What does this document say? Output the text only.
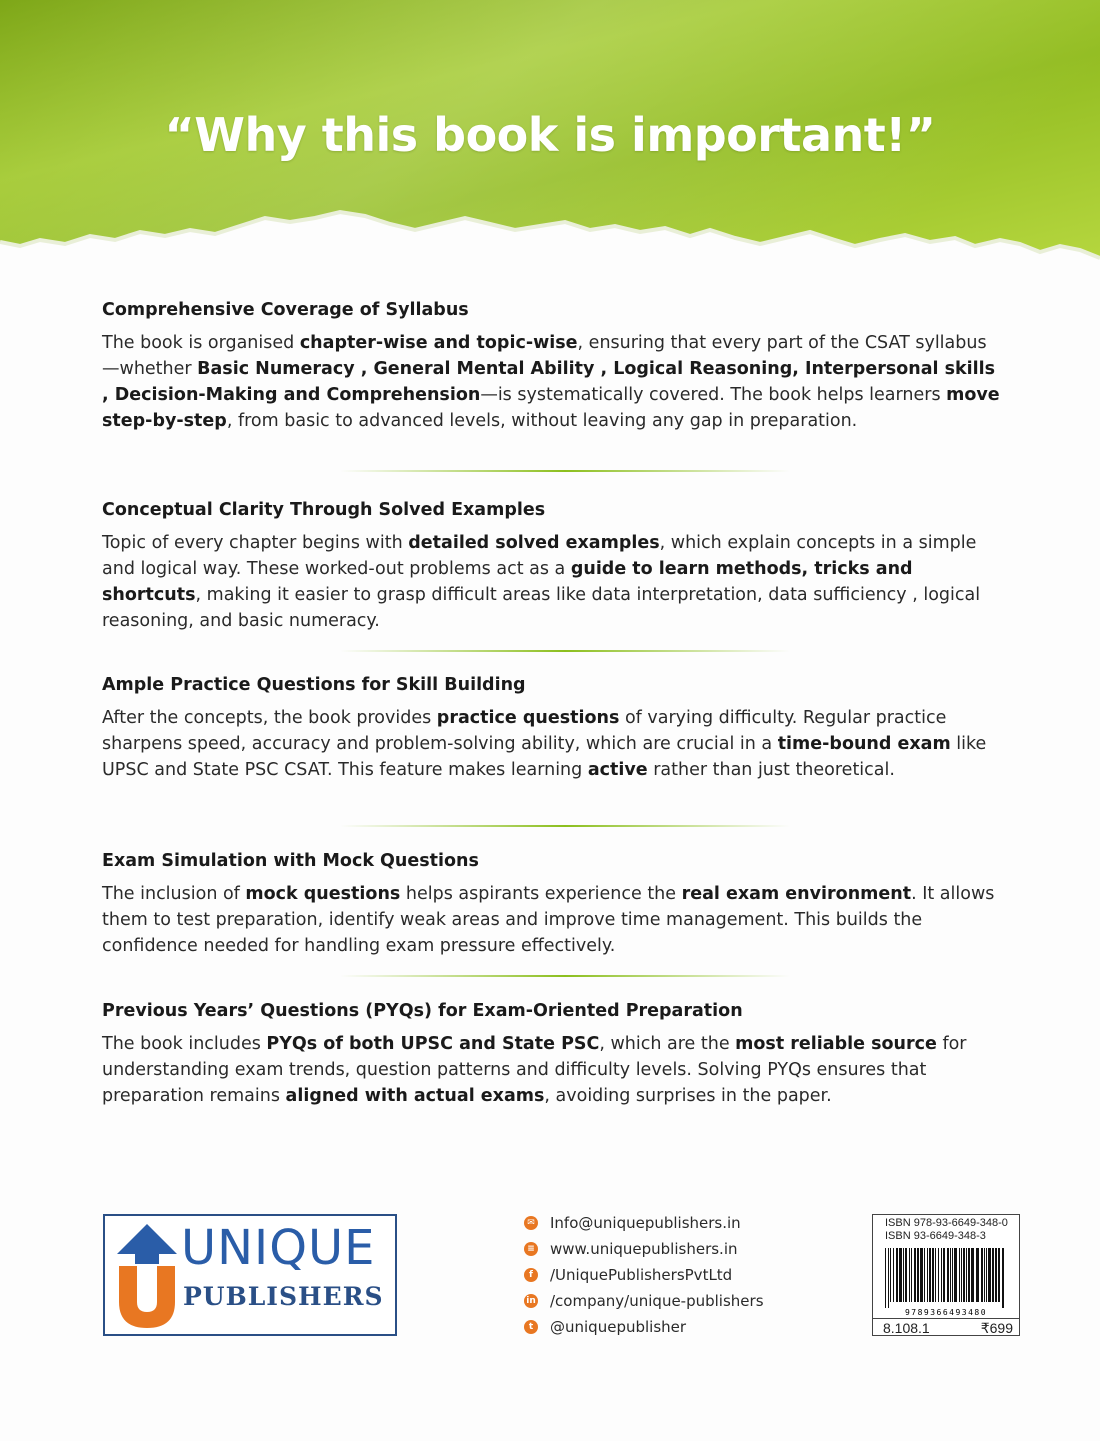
“Why this book is important!”
Comprehensive Coverage of Syllabus

The book is organised chapter-wise and topic-wise, ensuring that every part of the CSAT syllabus—whether Basic Numeracy , General Mental Ability , Logical Reasoning, Interpersonal skills , Decision-Making and Comprehension—is systematically covered. The book helps learners move step-by-step, from basic to advanced levels, without leaving any gap in preparation.

Conceptual Clarity Through Solved Examples

Topic of every chapter begins with detailed solved examples, which explain concepts in a simple and logical way. These worked-out problems act as a guide to learn methods, tricks and shortcuts, making it easier to grasp difficult areas like data interpretation, data sufficiency , logical reasoning, and basic numeracy.

Ample Practice Questions for Skill Building

After the concepts, the book provides practice questions of varying difficulty. Regular practice sharpens speed, accuracy and problem-solving ability, which are crucial in a time-bound exam like UPSC and State PSC CSAT. This feature makes learning active rather than just theoretical.

Exam Simulation with Mock Questions

The inclusion of mock questions helps aspirants experience the real exam environment. It allows them to test preparation, identify weak areas and improve time management. This builds the confidence needed for handling exam pressure effectively.

Previous Years’ Questions (PYQs) for Exam-Oriented Preparation

The book includes PYQs of both UPSC and State PSC, which are the most reliable source for understanding exam trends, question patterns and difficulty levels. Solving PYQs ensures that preparation remains aligned with actual exams, avoiding surprises in the paper.

UNIQUE
PUBLISHERS
✉ Info@uniquepublishers.in
≡ www.uniquepublishers.in
f	/UniquePublishersPvtLtd
in /company/unique-publishers
t	@uniquepublisher
ISBN 978-93-6649-348-0
ISBN 93-6649-348-3
9789366493480
8.108.1	₹699
